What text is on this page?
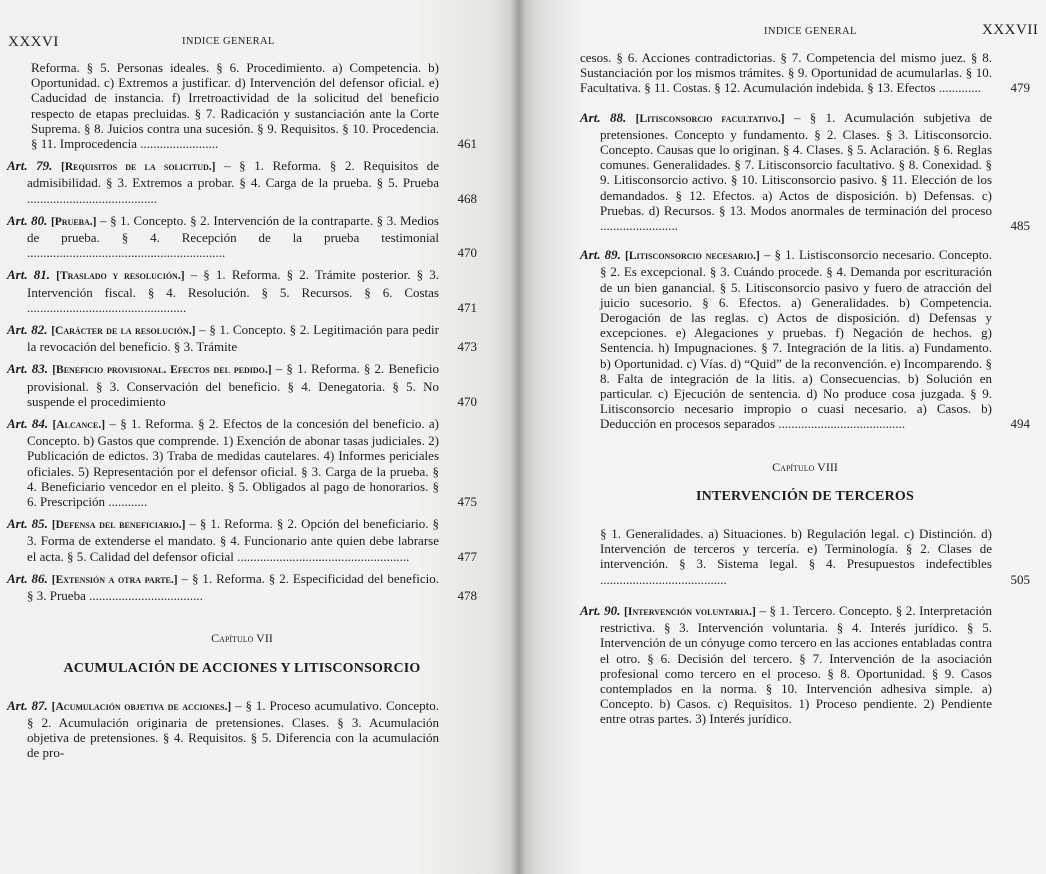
XXXVI	INDICE GENERAL
Reforma. § 5. Personas ideales. § 6. Procedimiento. a) Competencia. b) Oportunidad. c) Extremos a justificar. d) Intervención del defensor oficial. e) Caducidad de instancia. f) Irretroactividad de la solicitud del beneficio respecto de etapas precluidas. § 7. Radicación y sustanciación ante la Corte Suprema. § 8. Juicios contra una sucesión. § 9. Requisitos. § 10. Procedencia. § 11. Improcedencia ........................	461
Art. 79. [Requisitos de la solicitud.] – § 1. Reforma. § 2. Requisitos de admisibilidad. § 3. Extremos a probar. § 4. Carga de la prueba. § 5. Prueba ........................................	468
Art. 80. [Prueba.] – § 1. Concepto. § 2. Intervención de la contraparte. § 3. Medios de prueba. § 4. Recepción de la prueba testimonial .............................................................	470
Art. 81. [Traslado y resolución.] – § 1. Reforma. § 2. Trámite posterior. § 3. Intervención fiscal. § 4. Resolución. § 5. Recursos. § 6. Costas .................................................	471
Art. 82. [Carácter de la resolución.] – § 1. Concepto. § 2. Legitimación para pedir la revocación del beneficio. § 3. Trámite	473
Art. 83. [Beneficio provisional. Efectos del pedido.] – § 1. Reforma. § 2. Beneficio provisional. § 3. Conservación del beneficio. § 4. Denegatoria. § 5. No suspende el procedimiento	470
Art. 84. [Alcance.] – § 1. Reforma. § 2. Efectos de la concesión del beneficio. a) Concepto. b) Gastos que comprende. 1) Exención de abonar tasas judiciales. 2) Publicación de edictos. 3) Traba de medidas cautelares. 4) Informes periciales oficiales. 5) Representación por el defensor oficial. § 3. Carga de la prueba. § 4. Beneficiario vencedor en el pleito. § 5. Obligados al pago de honorarios. § 6. Prescripción ............	475
Art. 85. [Defensa del beneficiario.] – § 1. Reforma. § 2. Opción del beneficiario. § 3. Forma de extenderse el mandato. § 4. Funcionario ante quien debe labrarse el acta. § 5. Calidad del defensor oficial .....................................................	477
Art. 86. [Extensión a otra parte.] – § 1. Reforma. § 2. Especificidad del beneficio. § 3. Prueba ...................................	478
Capítulo VII
ACUMULACIÓN DE ACCIONES Y LITISCONSORCIO
Art. 87. [Acumulación objetiva de acciones.] – § 1. Proceso acumulativo. Concepto. § 2. Acumulación originaria de pretensiones. Clases. § 3. Acumulación objetiva de pretensiones. § 4. Requisitos. § 5. Diferencia con la acumulación de pro-
INDICE GENERAL	XXXVII
cesos. § 6. Acciones contradictorias. § 7. Competencia del mismo juez. § 8. Sustanciación por los mismos trámites. § 9. Oportunidad de acumularlas. § 10. Facultativa. § 11. Costas. § 12. Acumulación indebida. § 13. Efectos .............	479
Art. 88. [Litisconsorcio facultativo.] – § 1. Acumulación subjetiva de pretensiones. Concepto y fundamento. § 2. Clases. § 3. Litisconsorcio. Concepto. Causas que lo originan. § 4. Clases. § 5. Aclaración. § 6. Reglas comunes. Generalidades. § 7. Litisconsorcio facultativo. § 8. Conexidad. § 9. Litisconsorcio activo. § 10. Litisconsorcio pasivo. § 11. Elección de los demandados. § 12. Efectos. a) Actos de disposición. b) Defensas. c) Pruebas. d) Recursos. § 13. Modos anormales de terminación del proceso ........................	485
Art. 89. [Litisconsorcio necesario.] – § 1. Listisconsorcio necesario. Concepto. § 2. Es excepcional. § 3. Cuándo procede. § 4. Demanda por escrituración de un bien ganancial. § 5. Litisconsorcio pasivo y fuero de atracción del juicio sucesorio. § 6. Efectos. a) Generalidades. b) Competencia. Derogación de las reglas. c) Actos de disposición. d) Defensas y excepciones. e) Alegaciones y pruebas. f) Negación de hechos. g) Sentencia. h) Impugnaciones. § 7. Integración de la litis. a) Fundamento. b) Oportunidad. c) Vías. d) “Quid” de la reconvención. e) Incomparendo. § 8. Falta de integración de la litis. a) Consecuencias. b) Solución en particular. c) Ejecución de sentencia. d) No produce cosa juzgada. § 9. Litisconsorcio necesario impropio o cuasi necesario. a) Casos. b) Deducción en procesos separados .......................................	494
Capítulo VIII
INTERVENCIÓN DE TERCEROS
§ 1. Generalidades. a) Situaciones. b) Regulación legal. c) Distinción. d) Intervención de terceros y tercería. e) Terminología. § 2. Clases de intervención. § 3. Sistema legal. § 4. Presupuestos indefectibles .......................................	505
Art. 90. [Intervención voluntaria.] – § 1. Tercero. Concepto. § 2. Interpretación restrictiva. § 3. Intervención voluntaria. § 4. Interés jurídico. § 5. Intervención de un cónyuge como tercero en las acciones entabladas contra el otro. § 6. Decisión del tercero. § 7. Intervención de la asociación profesional como tercero en el proceso. § 8. Oportunidad. § 9. Casos contemplados en la norma. § 10. Intervención adhesiva simple. a) Concepto. b) Casos. c) Requisitos. 1) Proceso pendiente. 2) Pendiente entre otras partes. 3) Interés jurídico.
